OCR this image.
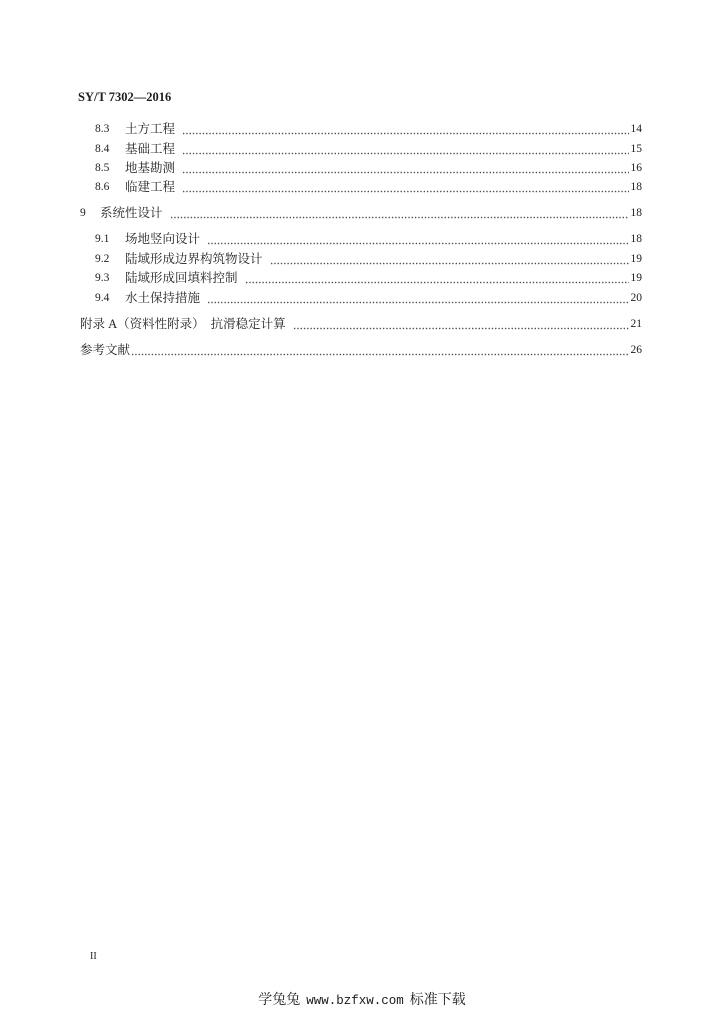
SY/T 7302—2016
8.3	土方工程	14
8.4	基础工程	15
8.5	地基勘测	16
8.6	临建工程	18
9	系统性设计	18
9.1	场地竖向设计	18
9.2	陆域形成边界构筑物设计	19
9.3	陆域形成回填料控制	19
9.4	水土保持措施	20
附录 A（资料性附录） 抗滑稳定计算	21
参考文献	26
II
学兔兔 www.bzfxw.com 标准下载
